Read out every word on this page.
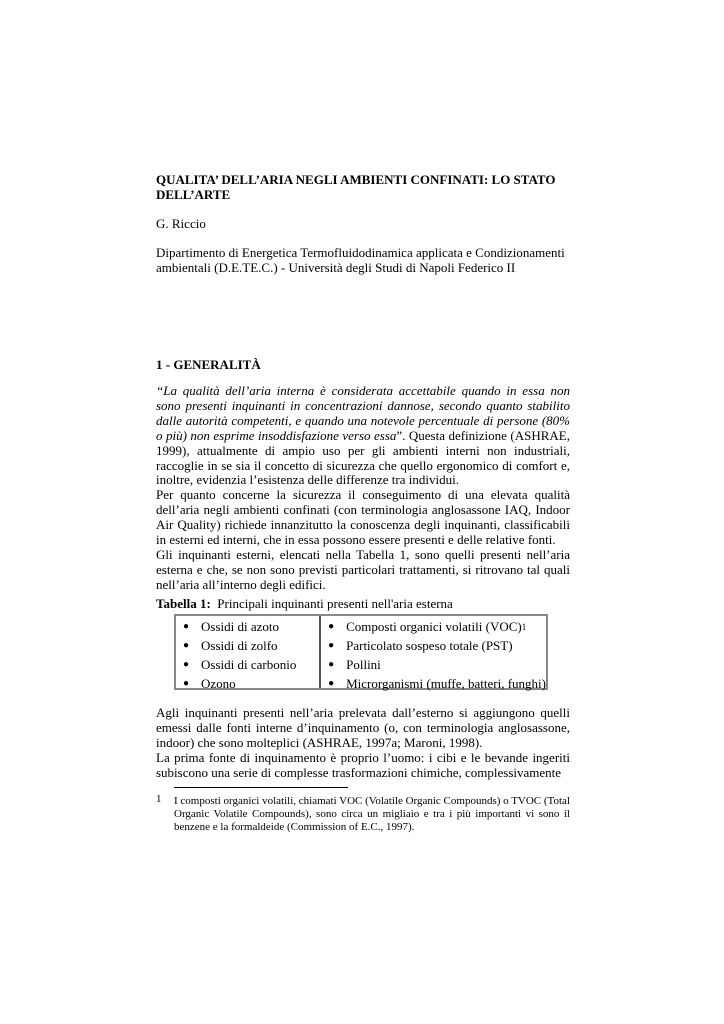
QUALITA’ DELL’ARIA NEGLI AMBIENTI CONFINATI: LO STATO DELL’ARTE

G. Riccio

Dipartimento di Energetica Termofluidodinamica applicata e Condizionamenti ambientali (D.E.TE.C.) - Università degli Studi di Napoli Federico II

1 - GENERALITÀ

“La qualità dell’aria interna è considerata accettabile quando in essa non sono presenti inquinanti in concentrazioni dannose, secondo quanto stabilito dalle autorità competenti, e quando una notevole percentuale di persone (80% o più) non esprime insoddisfazione verso essa”. Questa definizione (ASHRAE, 1999), attualmente di ampio uso per gli ambienti interni non industriali, raccoglie in se sia il concetto di sicurezza che quello ergonomico di comfort e, inoltre, evidenzia l’esistenza delle differenze tra individui.

Per quanto concerne la sicurezza il conseguimento di una elevata qualità dell’aria negli ambienti confinati (con terminologia anglosassone IAQ, Indoor Air Quality) richiede innanzitutto la conoscenza degli inquinanti, classificabili in esterni ed interni, che in essa possono essere presenti e delle relative fonti.

Gli inquinanti esterni, elencati nella Tabella 1, sono quelli presenti nell’aria esterna e che, se non sono previsti particolari trattamenti, si ritrovano tal quali nell’aria all’interno degli edifici.

Tabella 1: Principali inquinanti presenti nell'aria esterna

● Ossidi di azoto
● Ossidi di zolfo
● Ossidi di carbonio
● Ozono
● Composti organici volatili (VOC) 1
● Particolato sospeso totale (PST)
● Pollini
● Microrganismi (muffe, batteri, funghi)

Agli inquinanti presenti nell’aria prelevata dall’esterno si aggiungono quelli emessi dalle fonti interne d’inquinamento (o, con terminologia anglosassone, indoor) che sono molteplici (ASHRAE, 1997a; Maroni, 1998).

La prima fonte di inquinamento è proprio l’uomo: i cibi e le bevande ingeriti subiscono una serie di complesse trasformazioni chimiche, complessivamente

1	I composti organici volatili, chiamati VOC (Volatile Organic Compounds) o TVOC (Total Organic Volatile Compounds), sono circa un migliaio e tra i più importanti vi sono il benzene e la formaldeide (Commission of E.C., 1997).
